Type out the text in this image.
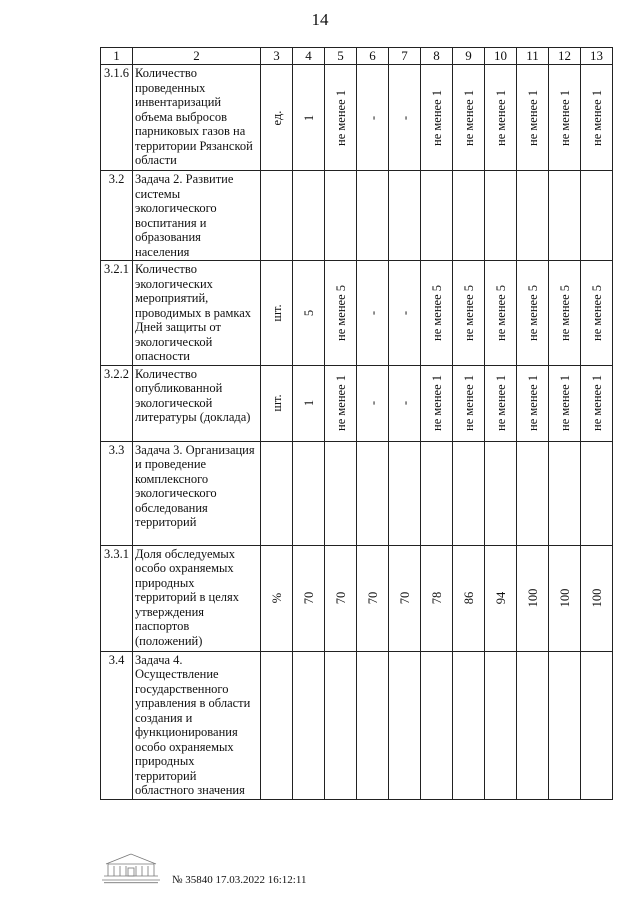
14
1	2	3	4	5	6	7	8	9	10	11	12	13
3.1.6	Количество проведенных инвентаризаций объема выбросов парниковых газов на территории Рязанской области	ед.	1	не менее 1	-	-	не менее 1	не менее 1	не менее 1	не менее 1	не менее 1	не менее 1

3.2	Задача 2. Развитие системы экологического воспитания и образования населения											
3.2.1	Количество экологических мероприятий, проводимых в рамках Дней защиты от экологической опасности	шт.	5	не менее 5	-	-	не менее 5	не менее 5	не менее 5	не менее 5	не менее 5	не менее 5

3.2.2	Количество опубликованной экологической литературы (доклада)	шт.	1	не менее 1	-	-	не менее 1	не менее 1	не менее 1	не менее 1	не менее 1	не менее 1

3.3	Задача 3. Организация и проведение комплексного экологического обследования территорий											
3.3.1	Доля обследуемых особо охраняемых природных территорий в целях утверждения паспортов (положений)	%	70	70	70	70	78	86	94	100	100	100

3.4	Задача 4. Осуществление государственного управления в области создания и функционирования особо охраняемых природных территорий областного значения											
№ 35840 17.03.2022 16:12:11
